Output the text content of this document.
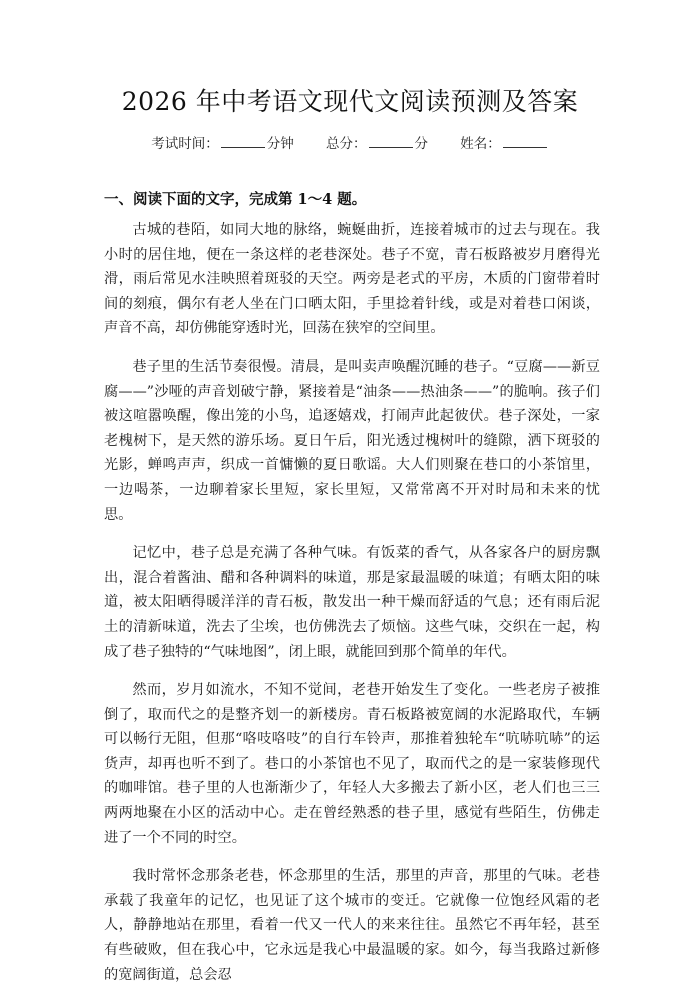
2026 年中考语文现代文阅读预测及答案
考试时间：	分钟 总分：	分 姓名：
一、阅读下面的文字，完成第 1～4 题。

古城的巷陌，如同大地的脉络，蜿蜒曲折，连接着城市的过去与现在。我小时的居住地，便在一条这样的老巷深处。巷子不宽，青石板路被岁月磨得光滑，雨后常见水洼映照着斑驳的天空。两旁是老式的平房，木质的门窗带着时间的刻痕，偶尔有老人坐在门口晒太阳，手里捻着针线，或是对着巷口闲谈，声音不高，却仿佛能穿透时光，回荡在狭窄的空间里。

巷子里的生活节奏很慢。清晨，是叫卖声唤醒沉睡的巷子。“豆腐——新豆腐——”沙哑的声音划破宁静，紧接着是“油条——热油条——”的脆响。孩子们被这喧嚣唤醒，像出笼的小鸟，追逐嬉戏，打闹声此起彼伏。巷子深处，一家老槐树下，是天然的游乐场。夏日午后，阳光透过槐树叶的缝隙，洒下斑驳的光影，蝉鸣声声，织成一首慵懒的夏日歌谣。大人们则聚在巷口的小茶馆里，一边喝茶，一边聊着家长里短，家长里短，又常常离不开对时局和未来的忧思。

记忆中，巷子总是充满了各种气味。有饭菜的香气，从各家各户的厨房飘出，混合着酱油、醋和各种调料的味道，那是家最温暖的味道；有晒太阳的味道，被太阳晒得暖洋洋的青石板，散发出一种干燥而舒适的气息；还有雨后泥土的清新味道，洗去了尘埃，也仿佛洗去了烦恼。这些气味，交织在一起，构成了巷子独特的“气味地图”，闭上眼，就能回到那个简单的年代。

然而，岁月如流水，不知不觉间，老巷开始发生了变化。一些老房子被推倒了，取而代之的是整齐划一的新楼房。青石板路被宽阔的水泥路取代，车辆可以畅行无阻，但那“咯吱咯吱”的自行车铃声，那推着独轮车“吭哧吭哧”的运货声，却再也听不到了。巷口的小茶馆也不见了，取而代之的是一家装修现代的咖啡馆。巷子里的人也渐渐少了，年轻人大多搬去了新小区，老人们也三三两两地聚在小区的活动中心。走在曾经熟悉的巷子里，感觉有些陌生，仿佛走进了一个不同的时空。

我时常怀念那条老巷，怀念那里的生活，那里的声音，那里的气味。老巷承载了我童年的记忆，也见证了这个城市的变迁。它就像一位饱经风霜的老人，静静地站在那里，看着一代又一代人的来来往往。虽然它不再年轻，甚至有些破败，但在我心中，它永远是我心中最温暖的家。如今，每当我路过新修的宽阔街道，总会忍
